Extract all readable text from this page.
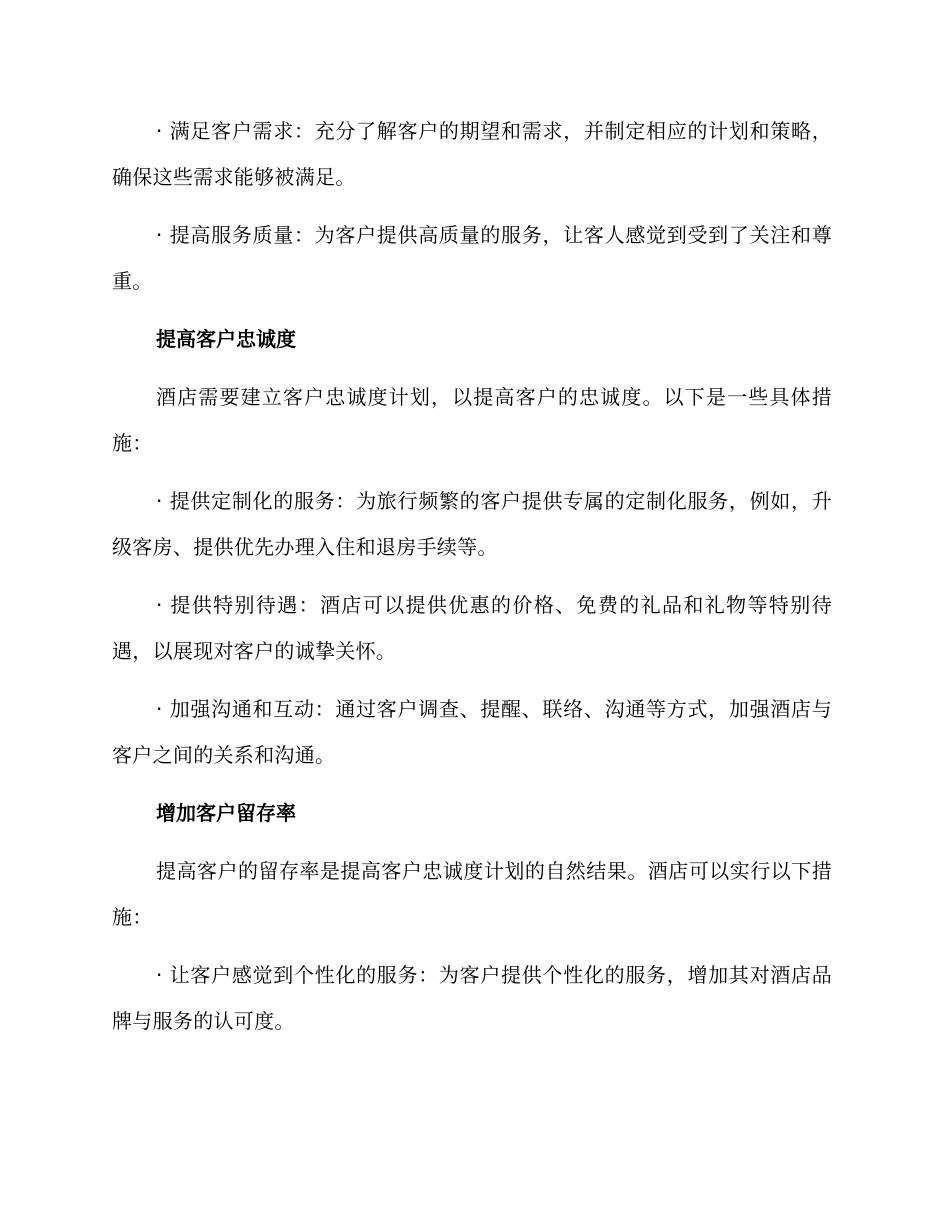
· 满足客户需求：充分了解客户的期望和需求，并制定相应的计划和策略，确保这些需求能够被满足。

· 提高服务质量：为客户提供高质量的服务，让客人感觉到受到了关注和尊重。

提高客户忠诚度

酒店需要建立客户忠诚度计划，以提高客户的忠诚度。以下是一些具体措施：

· 提供定制化的服务：为旅行频繁的客户提供专属的定制化服务，例如，升级客房、提供优先办理入住和退房手续等。

· 提供特别待遇：酒店可以提供优惠的价格、免费的礼品和礼物等特别待遇，以展现对客户的诚挚关怀。

· 加强沟通和互动：通过客户调查、提醒、联络、沟通等方式，加强酒店与客户之间的关系和沟通。

增加客户留存率

提高客户的留存率是提高客户忠诚度计划的自然结果。酒店可以实行以下措施：

· 让客户感觉到个性化的服务：为客户提供个性化的服务，增加其对酒店品牌与服务的认可度。
